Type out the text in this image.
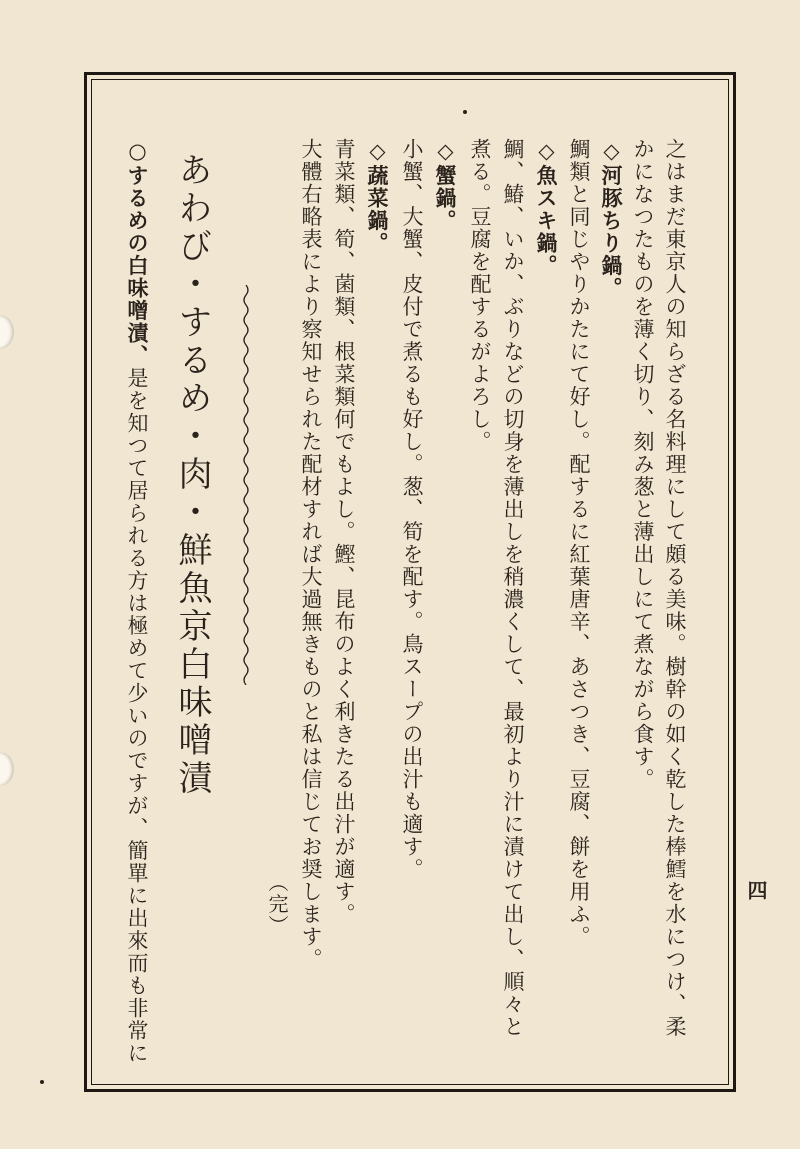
之はまだ東京人の知らざる名料理にして頗る美味。樹幹の如く乾した棒鱈を水につけ、柔
かになつたものを薄く切り、刻み葱と薄出しにて煮ながら食す。
◇河豚ちり鍋。
鯛類と同じやりかたにて好し。配するに紅葉唐辛、あさつき、豆腐、餅を用ふ。
◇魚スキ鍋。
鯛、鰆、いか、ぶりなどの切身を薄出しを稍濃くして、最初より汁に漬けて出し、順々と
煮る。豆腐を配するがよろし。
◇蟹鍋。
小蟹、大蟹、皮付で煮るも好し。葱、筍を配す。鳥スープの出汁も適す。
◇蔬菜鍋。
青菜類、筍、菌類、根菜類何でもよし。鰹、昆布のよく利きたる出汁が適す。
大體右略表により察知せられた配材すれば大過無きものと私は信じてお奨します。
（完）
あわび・するめ・肉・鮮魚京白味噌漬
○するめの白味噌漬、是を知つて居られる方は極めて少いのですが、簡單に出來而も非常に	四
